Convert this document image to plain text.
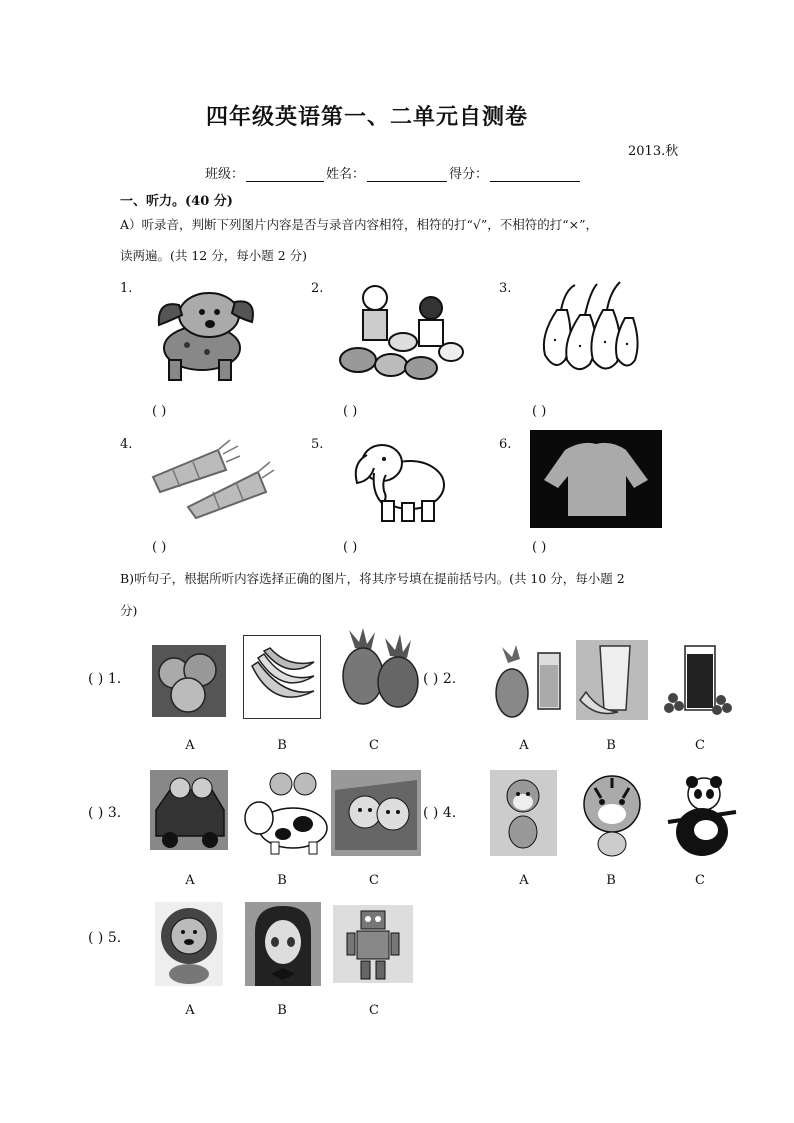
四年级英语第一、二单元自测卷
2013.秋
班级：	姓名：	得分：
一、听力。(40 分)
A）听录音，判断下列图片内容是否与录音内容相符，相符的打“√”，不相符的打“×”，
读两遍。(共 12 分，每小题 2 分)
1.
( )
2.
( )
3.
( )
4.
( )
5.
( )
6.
( )
B)听句子，根据所听内容选择正确的图片，将其序号填在提前括号内。(共 10 分，每小题 2
分)
( ) 1.
A	B	C
( ) 2.
A	B	C
( ) 3.
A	B	C
( ) 4.
A	B	C
( ) 5.
A	B	C
